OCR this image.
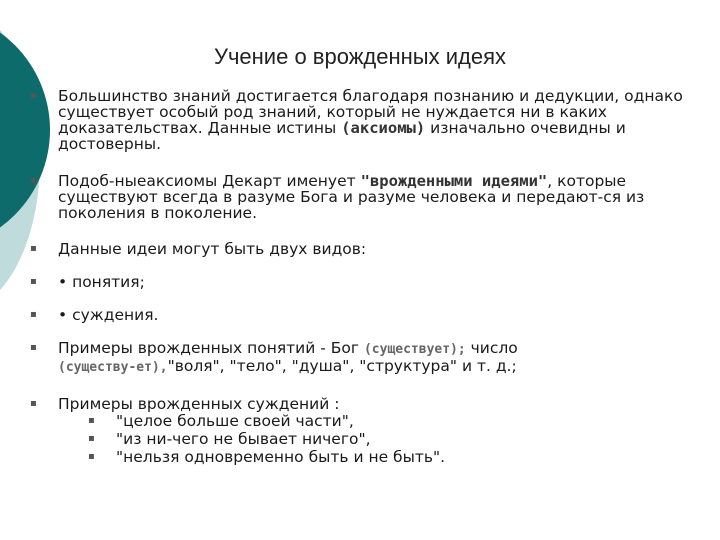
Учение о врожденных идеях
▪ Большинство знаний достигается благодаря познанию и дедукции, однако существует особый род знаний, который не нуждается ни в каких доказательствах. Данные истины (аксиомы) изначально очевидны и достоверны.
▪ Подоб-ныеаксиомы Декарт именует "врожденными идеями", которые существуют всегда в разуме Бога и разуме человека и передают-ся из поколения в поколение.
▪ Данные идеи могут быть двух видов:
▪ • понятия;
▪ • суждения.
▪ Примеры врожденных понятий - Бог (существует); число
(существу-ет),"воля", "тело", "душа", "структура" и т. д.;
▪ Примеры врожденных суждений :
▪ "целое больше своей части",
▪ "из ни-чего не бывает ничего",
▪ "нельзя одновременно быть и не быть".
